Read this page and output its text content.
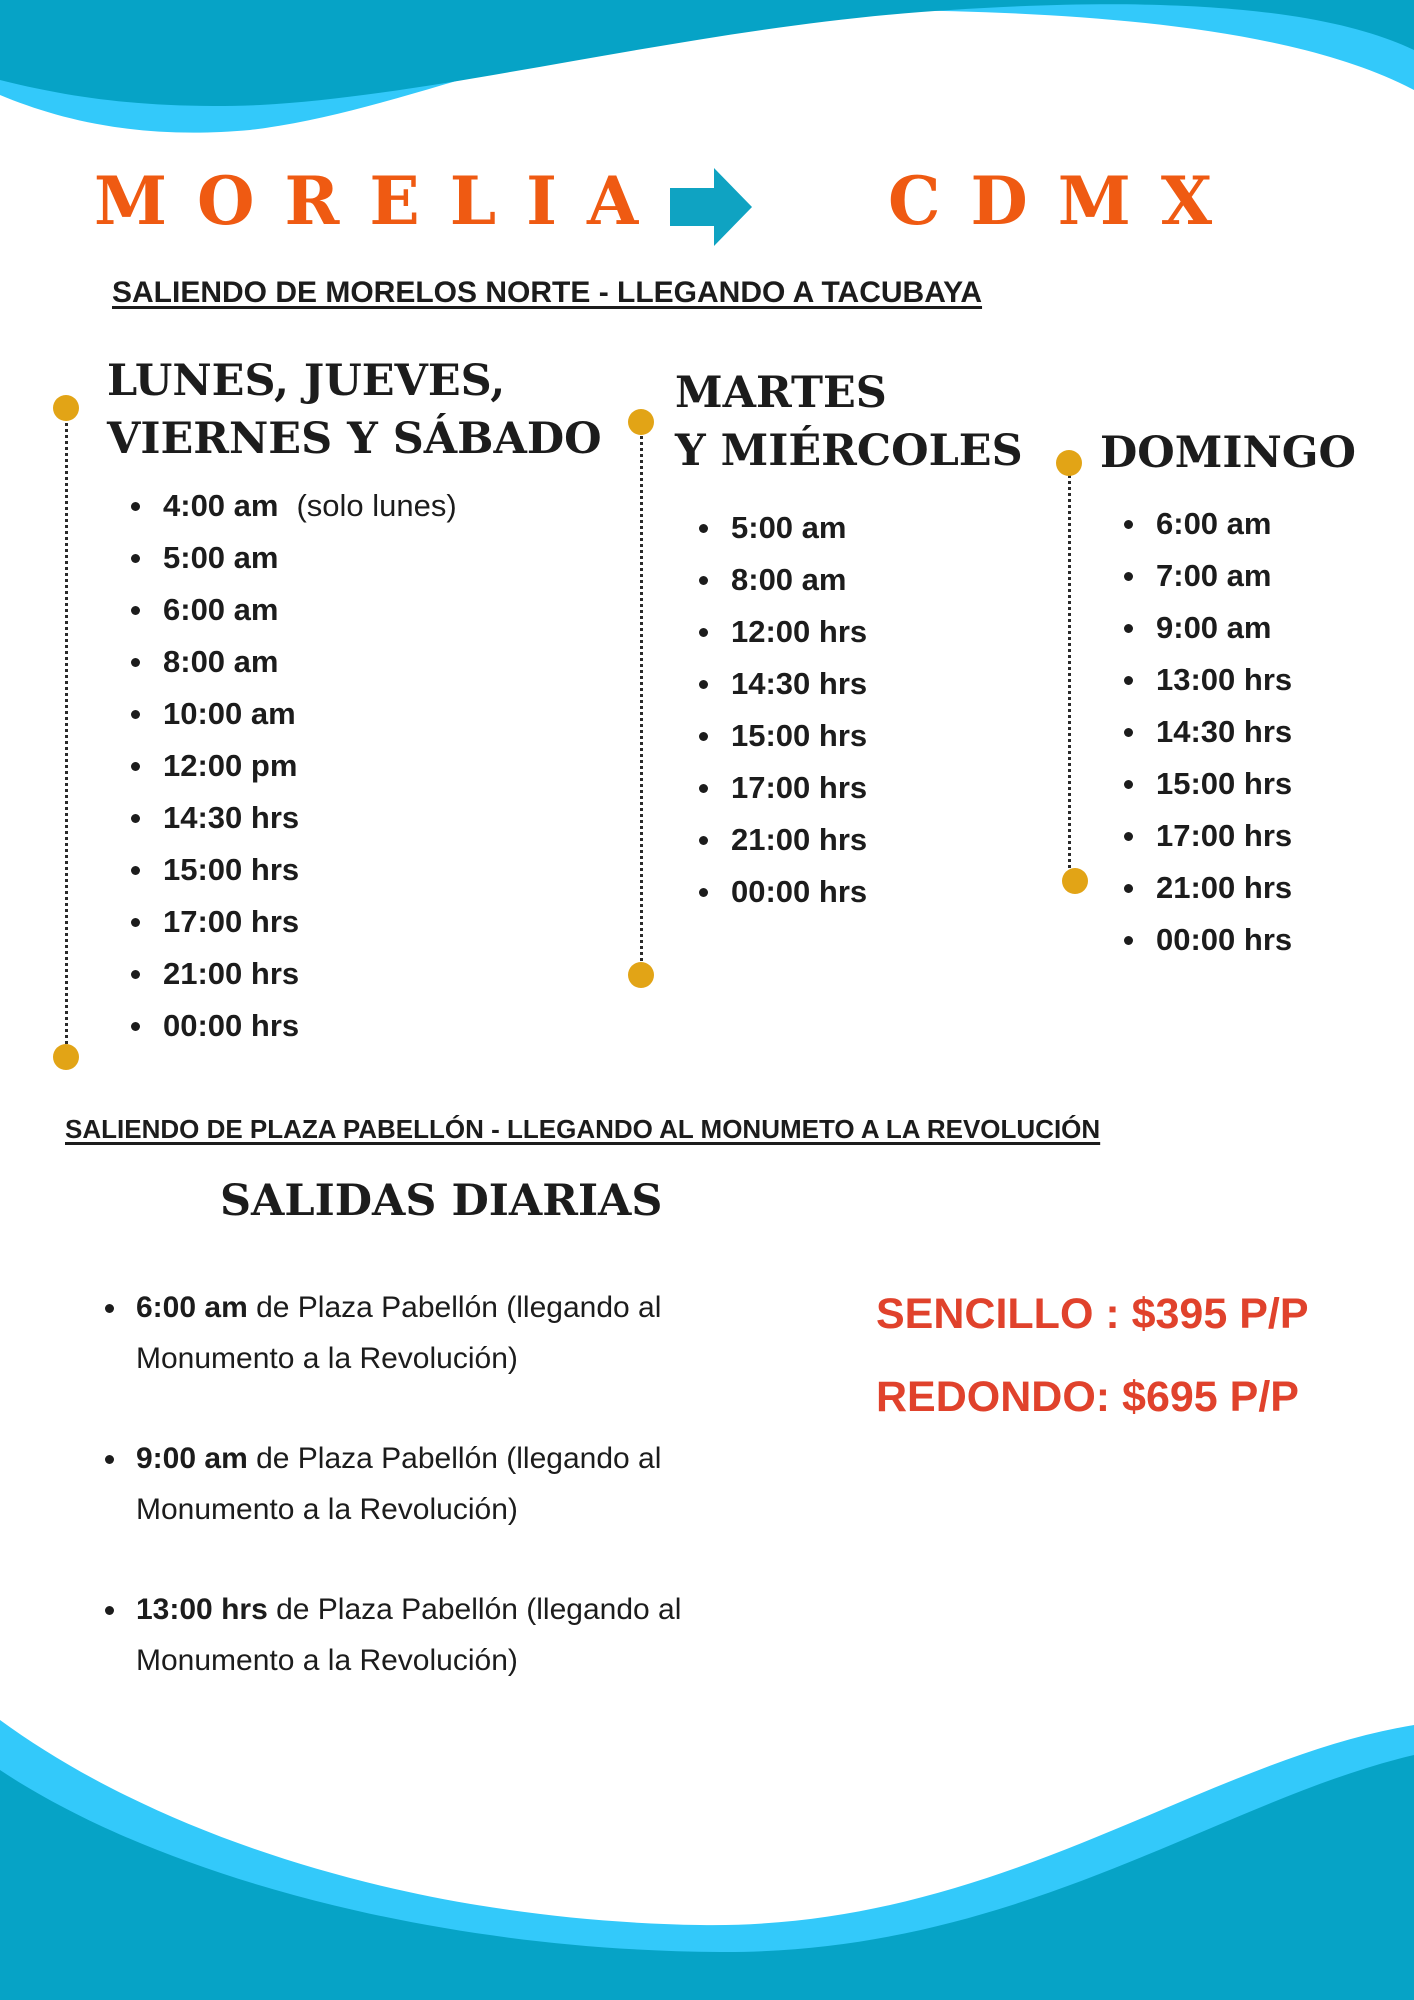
MORELIA	CDMX
SALIENDO DE MORELOS NORTE - LLEGANDO A TACUBAYA
LUNES, JUEVES,
VIERNES Y SÁBADO
4:00 am (solo lunes)
5:00 am
6:00 am
8:00 am
10:00 am
12:00 pm
14:30 hrs
15:00 hrs
17:00 hrs
21:00 hrs
00:00 hrs
MARTES
Y MIÉRCOLES
5:00 am
8:00 am
12:00 hrs
14:30 hrs
15:00 hrs
17:00 hrs
21:00 hrs
00:00 hrs
DOMINGO
6:00 am
7:00 am
9:00 am
13:00 hrs
14:30 hrs
15:00 hrs
17:00 hrs
21:00 hrs
00:00 hrs
SALIENDO DE PLAZA PABELLÓN - LLEGANDO AL MONUMETO A LA REVOLUCIÓN
SALIDAS DIARIAS
6:00 am de Plaza Pabellón (llegando al Monumento a la Revolución)
9:00 am de Plaza Pabellón (llegando al Monumento a la Revolución)
13:00 hrs de Plaza Pabellón (llegando al Monumento a la Revolución)
SENCILLO : $395 P/P
REDONDO: $695 P/P
